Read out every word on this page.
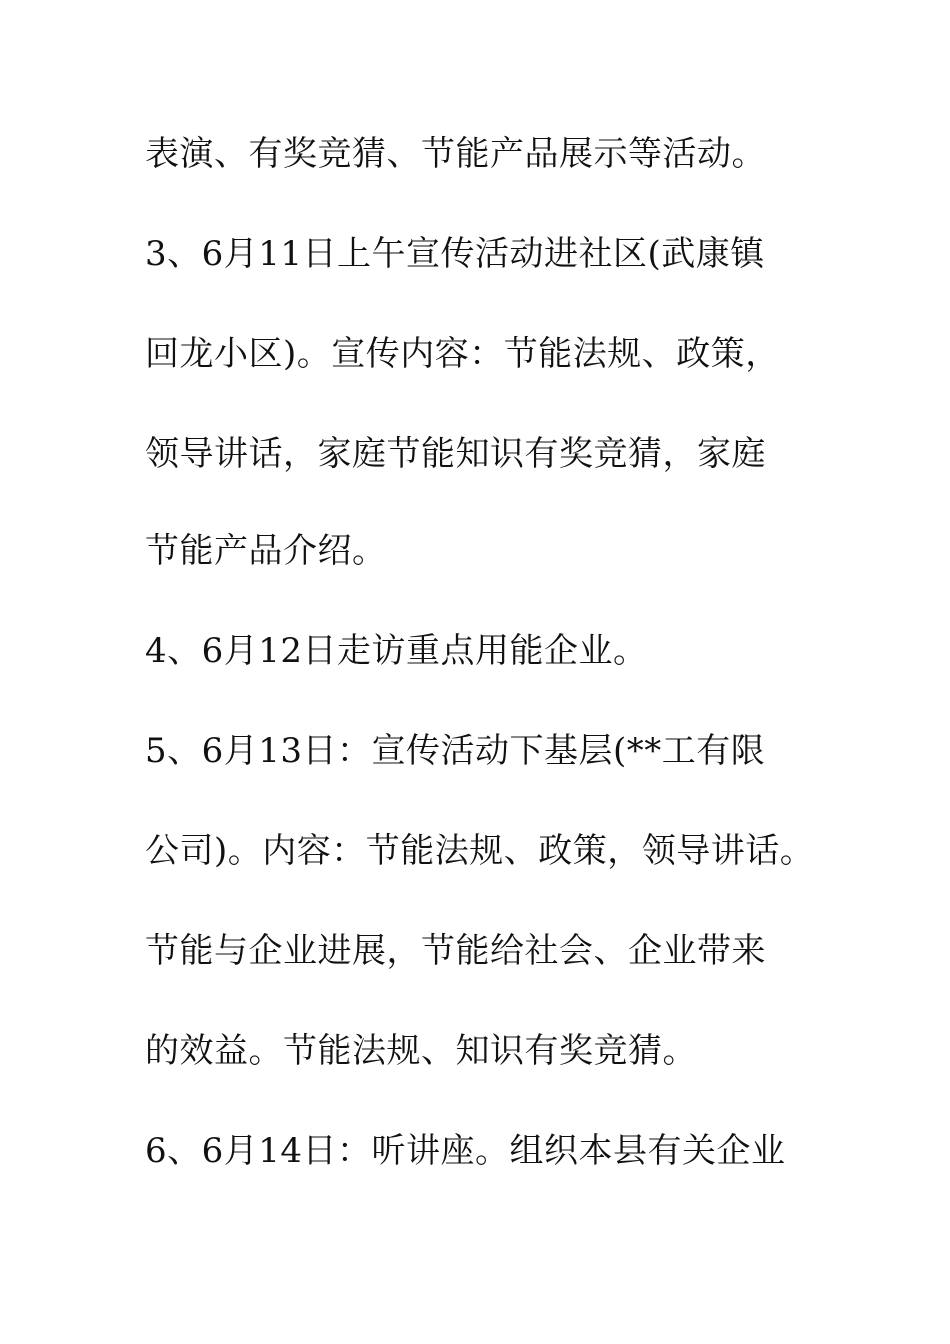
表演、有奖竞猜、节能产品展示等活动。

3、6月11日上午宣传活动进社区(武康镇

回龙小区)。宣传内容：节能法规、政策，

领导讲话，家庭节能知识有奖竞猜，家庭

节能产品介绍。

4、6月12日走访重点用能企业。

5、6月13日：宣传活动下基层(**工有限

公司)。内容：节能法规、政策，领导讲话。

节能与企业进展，节能给社会、企业带来

的效益。节能法规、知识有奖竞猜。

6、6月14日：听讲座。组织本县有关企业
